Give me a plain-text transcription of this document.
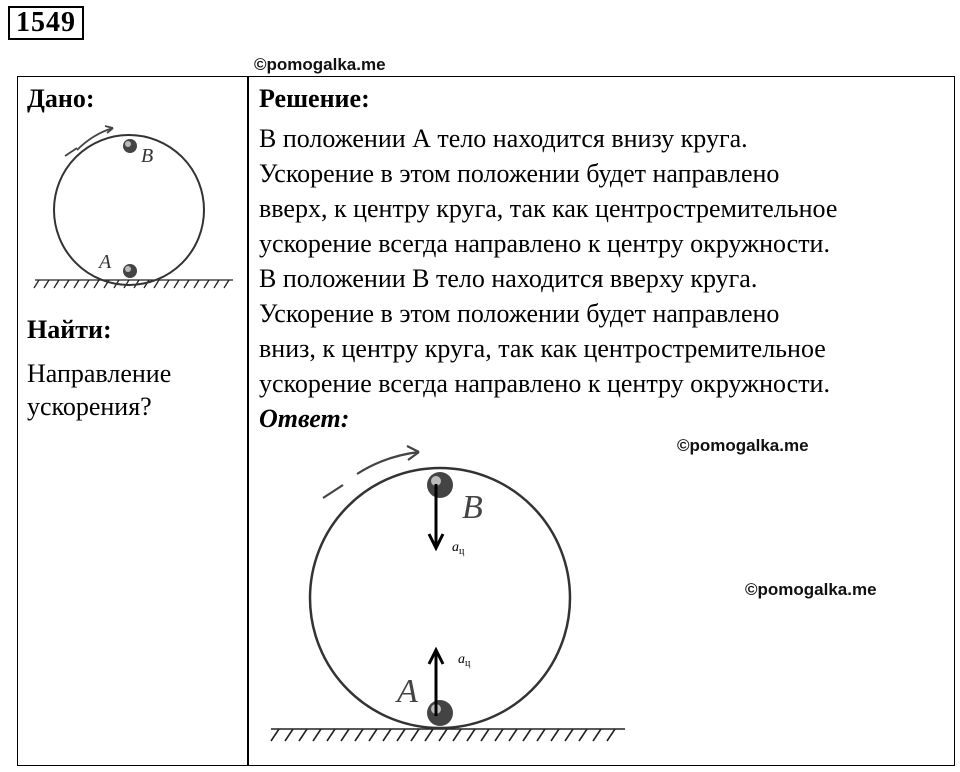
1549
©pomogalka.me
©pomogalka.me
©pomogalka.me
Дано:
B
A
Найти:
Направление
ускорения?
Решение:
В положении А тело находится внизу круга.
Ускорение в этом положении будет направлено
вверх, к центру круга, так как центростремительное
ускорение всегда направлено к центру окружности.
В положении В тело находится вверху круга.
Ускорение в этом положении будет направлено
вниз, к центру круга, так как центростремительное
ускорение всегда направлено к центру окружности.
Ответ:
B
A
$a_ц$
$a_ц$
